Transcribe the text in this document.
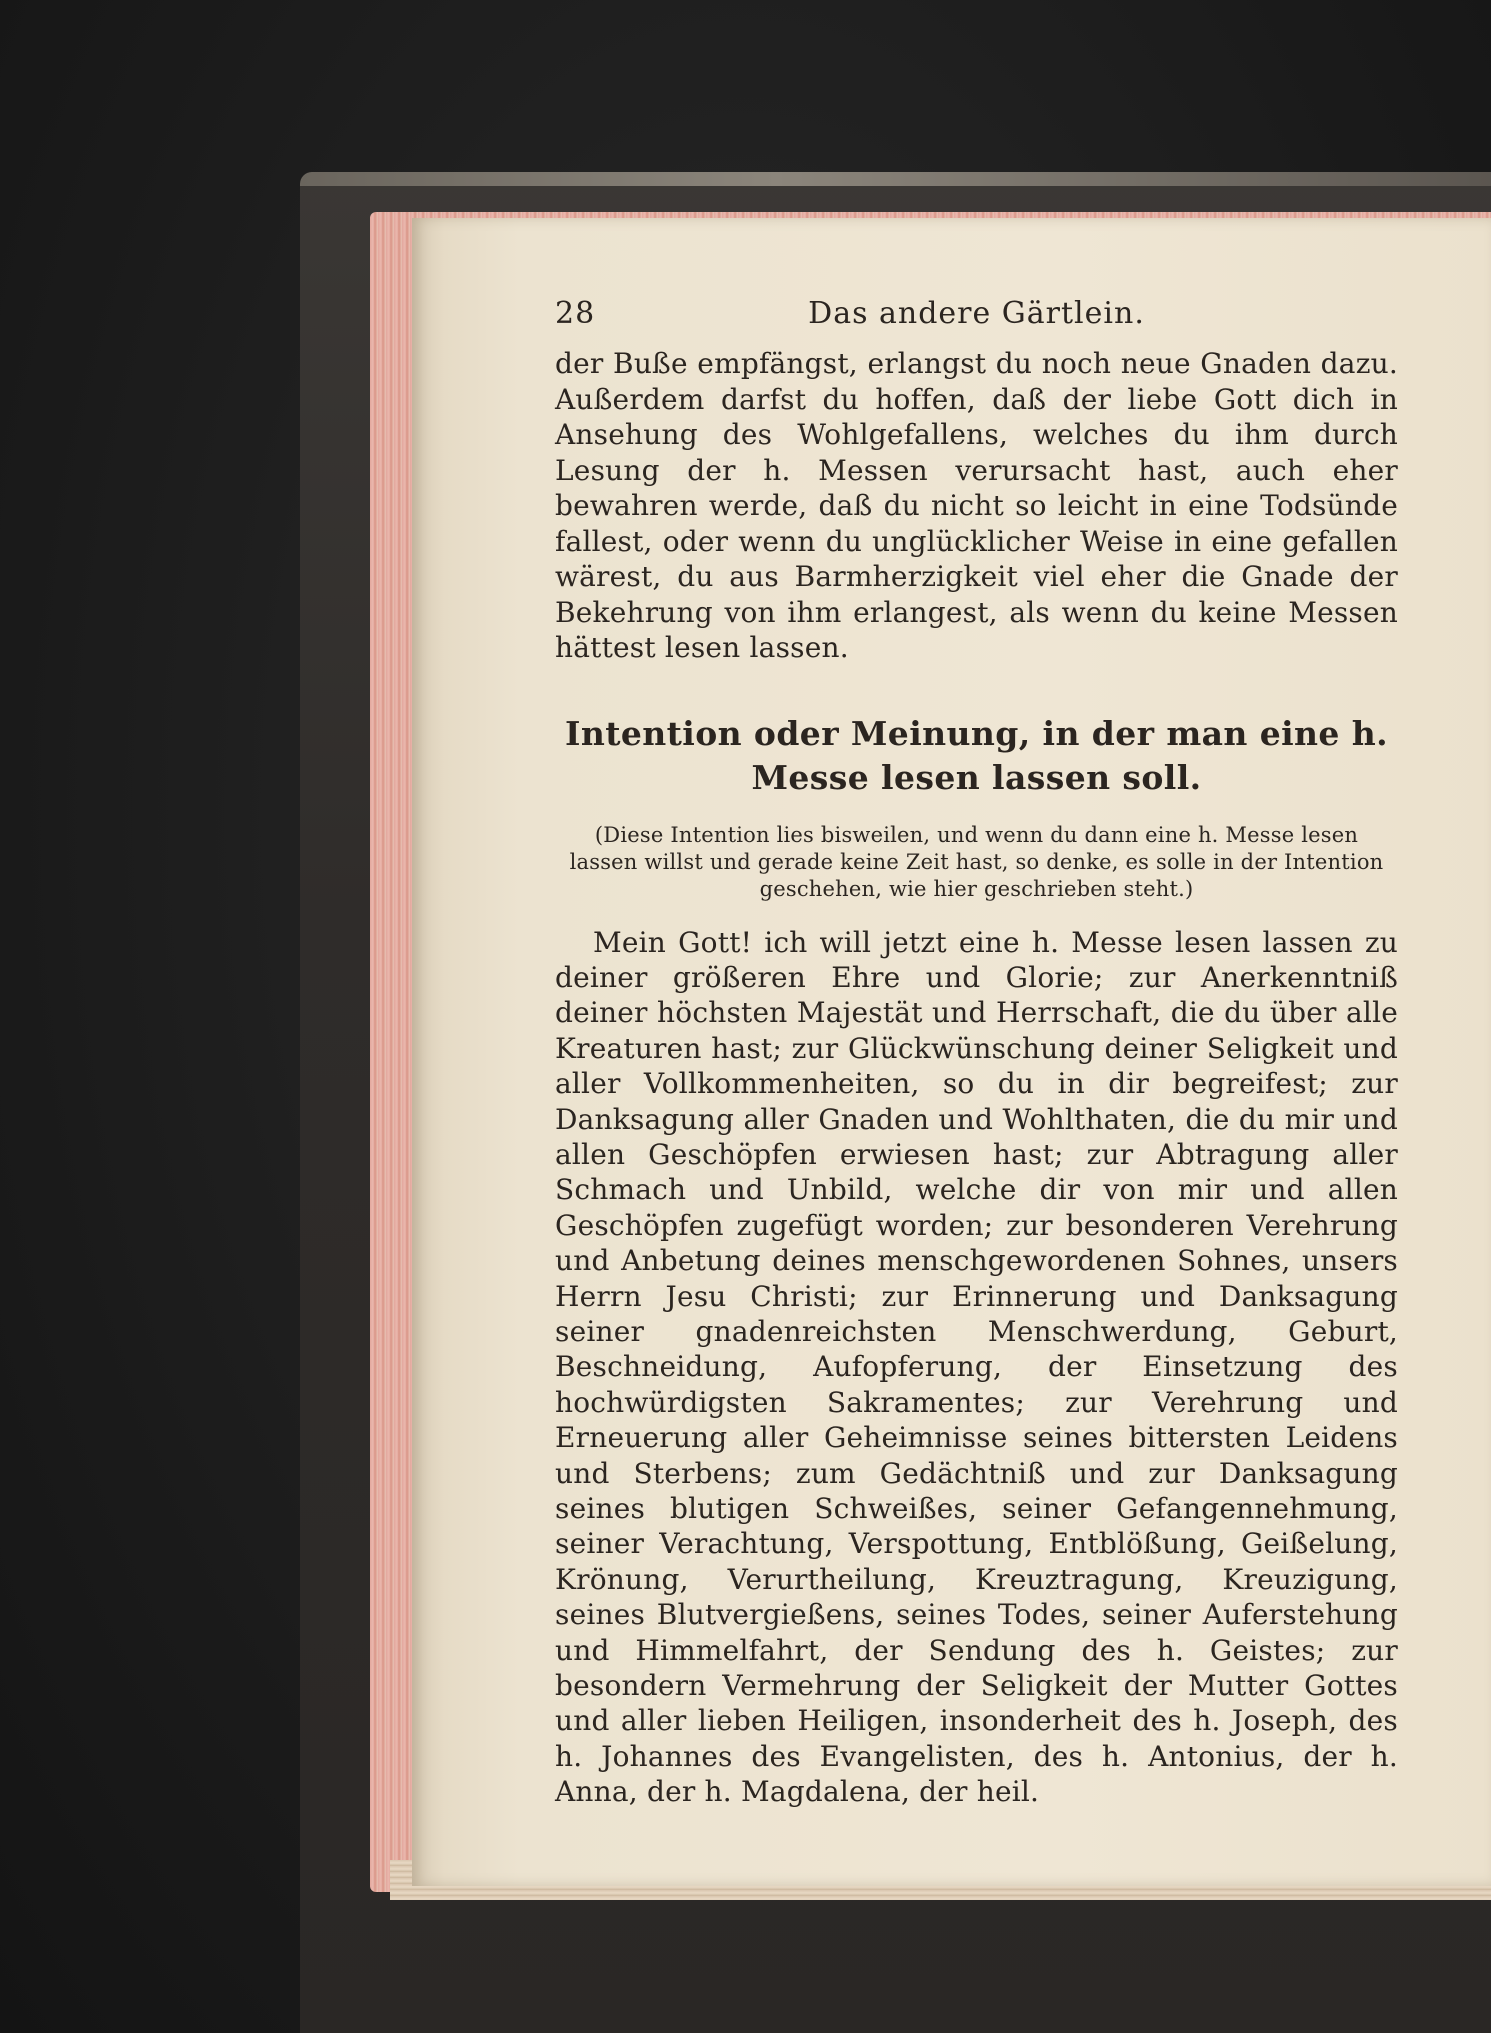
28	Das andere Gärtlein.

der Buße empfängst, erlangst du noch neue Gnaden dazu. Außerdem darfst du hoffen, daß der liebe Gott dich in Ansehung des Wohlgefallens, welches du ihm durch Lesung der h. Messen verursacht hast, auch eher bewahren werde, daß du nicht so leicht in eine Todsünde fallest, oder wenn du unglücklicher Weise in eine gefallen wärest, du aus Barmherzigkeit viel eher die Gnade der Bekehrung von ihm erlangest, als wenn du keine Messen hättest lesen lassen.

Intention oder Meinung, in der man eine h. Messe lesen lassen soll.

(Diese Intention lies bisweilen, und wenn du dann eine h. Messe lesen lassen willst und gerade keine Zeit hast, so denke, es solle in der Intention geschehen, wie hier geschrieben steht.)

Mein Gott! ich will jetzt eine h. Messe lesen lassen zu deiner größeren Ehre und Glorie; zur Anerkenntniß deiner höchsten Majestät und Herrschaft, die du über alle Kreaturen hast; zur Glückwünschung deiner Seligkeit und aller Vollkommenheiten, so du in dir begreifest; zur Danksagung aller Gnaden und Wohlthaten, die du mir und allen Geschöpfen erwiesen hast; zur Abtragung aller Schmach und Unbild, welche dir von mir und allen Geschöpfen zugefügt worden; zur besonderen Verehrung und Anbetung deines menschgewordenen Sohnes, unsers Herrn Jesu Christi; zur Erinnerung und Danksagung seiner gnadenreichsten Menschwerdung, Geburt, Beschneidung, Aufopferung, der Einsetzung des hochwürdigsten Sakramentes; zur Verehrung und Erneuerung aller Geheimnisse seines bittersten Leidens und Sterbens; zum Gedächtniß und zur Danksagung seines blutigen Schweißes, seiner Gefangennehmung, seiner Verachtung, Verspottung, Entblößung, Geißelung, Krönung, Verurtheilung, Kreuztragung, Kreuzigung, seines Blutvergießens, seines Todes, seiner Auferstehung und Himmelfahrt, der Sendung des h. Geistes; zur besondern Vermehrung der Seligkeit der Mutter Gottes und aller lieben Heiligen, insonderheit des h. Joseph, des h. Johannes des Evangelisten, des h. Antonius, der h. Anna, der h. Magdalena, der heil.
